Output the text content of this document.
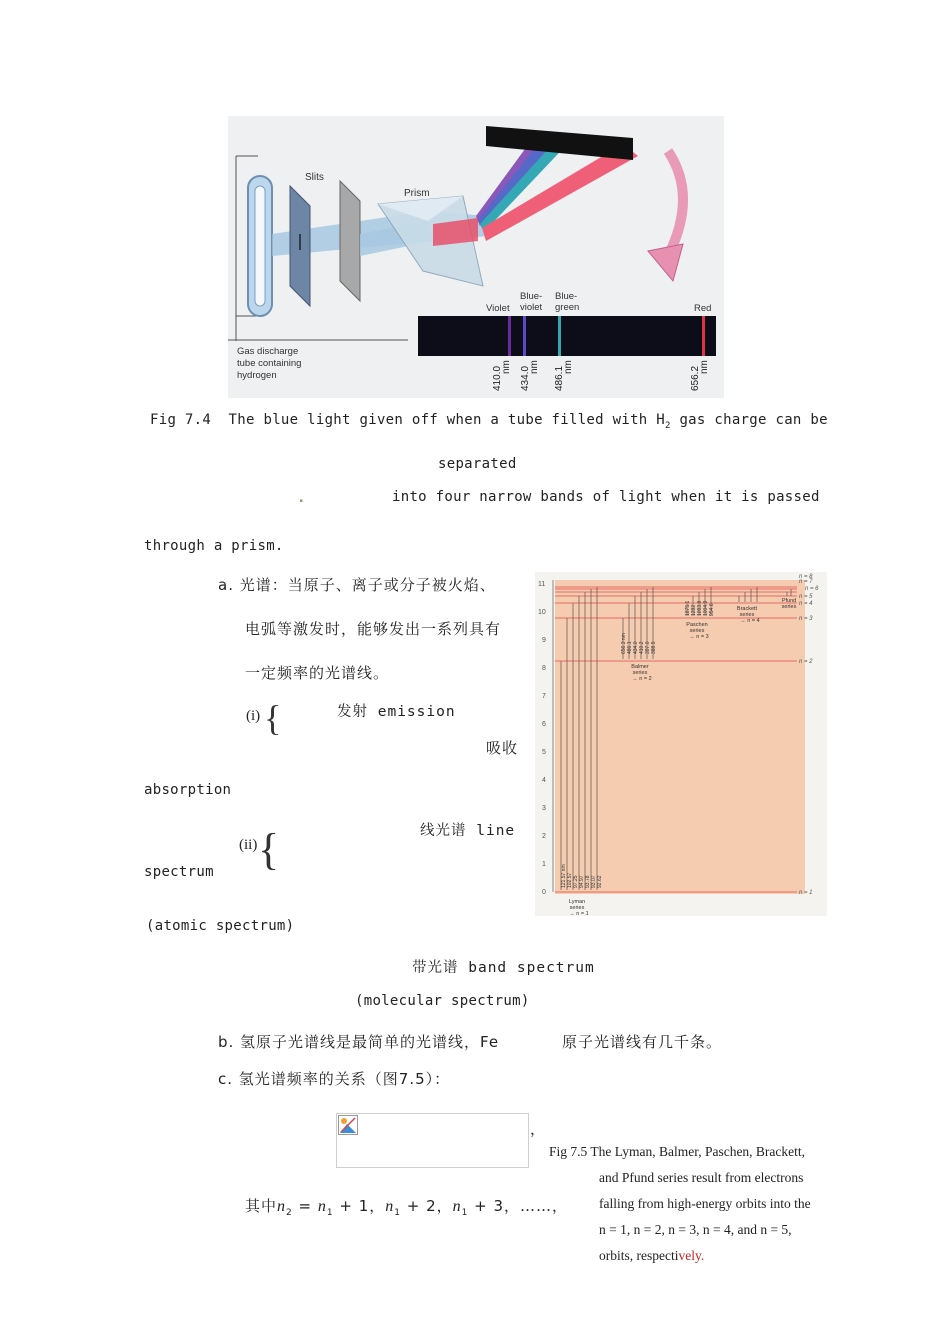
410.0
nm 434.0
nm 486.1
nm	656.2
nm
Slits
Prism
Gas discharge
tube containing
hydrogen
Violet
Blue-
violet
Blue-
green	Red
Fig 7.4  The blue light given off when a tube filled with $H_2$ gas charge can be
separated
.	into four narrow bands of light when it is passed
through a prism.
a. 光谱：当原子、离子或分子被火焰、
电弧等激发时，能够发出一系列具有
一定频率的光谱线。
(i) {	发射 emission
吸收
absorption
线光谱 line
(ii) {
spectrum
(atomic spectrum)
带光谱 band spectrum
(molecular spectrum)
0
1
2
3
4
5
6
7
8
9
10
11
n = 1
n = 2
n = 3
n = 4
n = 5
n = 6
n = 7
n = 8
Lyman
series
→ n = 1
Balmer
series
→ n = 2
Paschen
series
→ n = 3
Brackett
series
→ n = 4
Pfund
series
121.57 nm 102.57 97.25 94.97 93.78 93.07 92.62
656.3 nm 486.1 434.0 410.2 397.0 388.9
1875.1 1282 1093.8 1004.9 954.6
b. 氢原子光谱线是最简单的光谱线，Fe	原子光谱线有几千条。
c. 氢光谱频率的关系（图7.5）：
，
其中$n_2 = n_1 + 1$，$n_1 + 2$，$n_1 + 3$，……，
Fig 7.5 The Lyman, Balmer, Paschen, Brackett,
and Pfund series result from electrons
falling from high-energy orbits into the
n = 1, n = 2, n = 3, n = 4, and n = 5,
orbits, respectively.
